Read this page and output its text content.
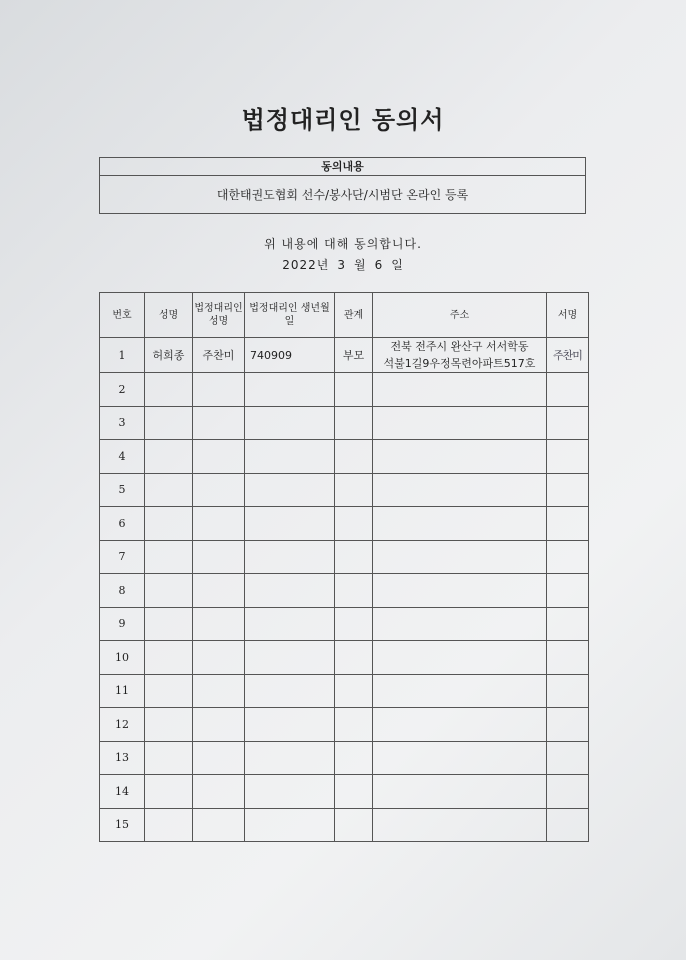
법정대리인 동의서
동의내용
대한태권도협회 선수/봉사단/시범단 온라인 등록
위 내용에 대해 동의합니다.
2022년 3 월 6 일
번호	성명	법정대리인 성명	법정대리인 생년월일	관계	주소	서명
1	허희종	주찬미	740909	부모	전북 전주시 완산구 서서학동
석불1길9우정목련아파트517호	주찬미
2						
3						
4						
5						
6						
7						
8						
9						
10						
11						
12						
13						
14						
15						
